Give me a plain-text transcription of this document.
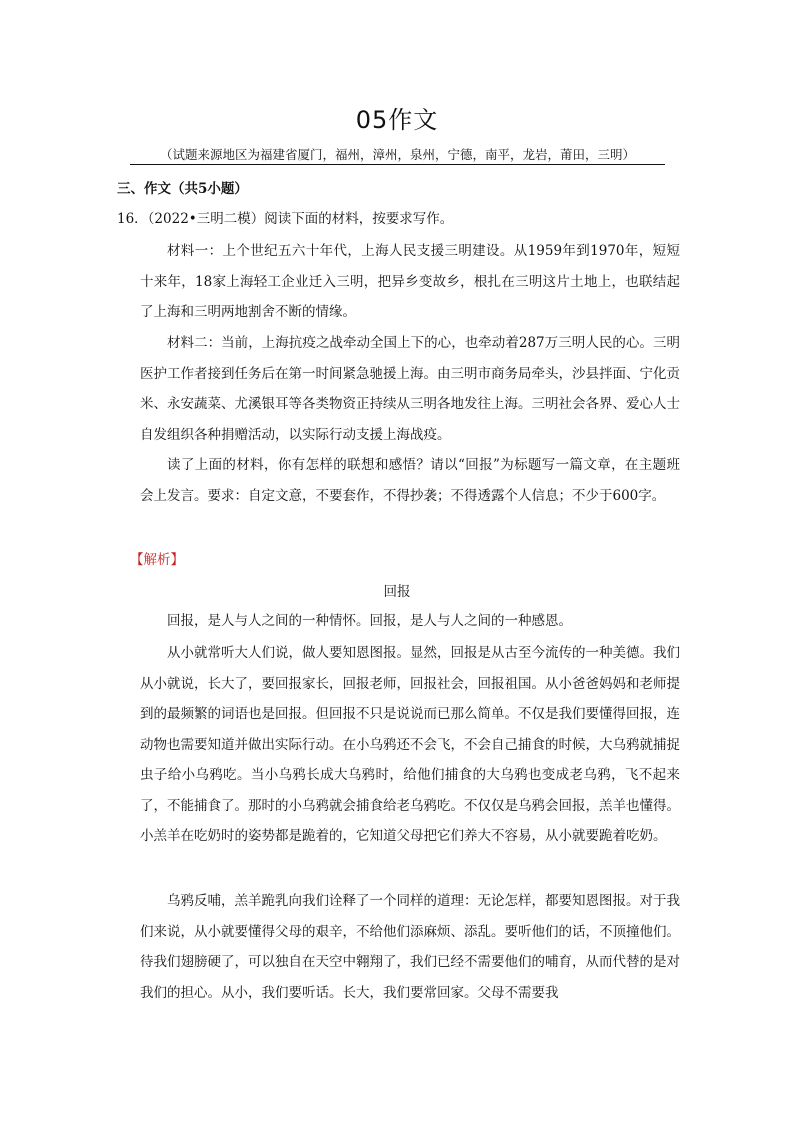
05作文
（试题来源地区为福建省厦门，福州，漳州，泉州，宁德，南平，龙岩，莆田，三明）
三、作文（共5小题）
16．（2022•三明二模）阅读下面的材料，按要求写作。
材料一：上个世纪五六十年代，上海人民支援三明建设。从1959年到1970年，短短十来年，18家上海轻工企业迁入三明，把异乡变故乡，根扎在三明这片土地上，也联结起了上海和三明两地割舍不断的情缘。
材料二：当前，上海抗疫之战牵动全国上下的心，也牵动着287万三明人民的心。三明医护工作者接到任务后在第一时间紧急驰援上海。由三明市商务局牵头，沙县拌面、宁化贡米、永安蔬菜、尤溪银耳等各类物资正持续从三明各地发往上海。三明社会各界、爱心人士自发组织各种捐赠活动，以实际行动支援上海战疫。
读了上面的材料，你有怎样的联想和感悟？请以“回报”为标题写一篇文章，在主题班会上发言。要求：自定文意，不要套作，不得抄袭；不得透露个人信息；不少于600字。
【解析】
回报
回报，是人与人之间的一种情怀。回报，是人与人之间的一种感恩。
从小就常听大人们说，做人要知恩图报。显然，回报是从古至今流传的一种美德。我们从小就说，长大了，要回报家长，回报老师，回报社会，回报祖国。从小爸爸妈妈和老师提到的最频繁的词语也是回报。但回报不只是说说而已那么简单。不仅是我们要懂得回报，连动物也需要知道并做出实际行动。在小乌鸦还不会飞，不会自己捕食的时候，大乌鸦就捕捉虫子给小乌鸦吃。当小乌鸦长成大乌鸦时，给他们捕食的大乌鸦也变成老乌鸦，飞不起来了，不能捕食了。那时的小乌鸦就会捕食给老乌鸦吃。不仅仅是乌鸦会回报，羔羊也懂得。小羔羊在吃奶时的姿势都是跪着的，它知道父母把它们养大不容易，从小就要跪着吃奶。
乌鸦反哺，羔羊跪乳向我们诠释了一个同样的道理：无论怎样，都要知恩图报。对于我们来说，从小就要懂得父母的艰辛，不给他们添麻烦、添乱。要听他们的话，不顶撞他们。待我们翅膀硬了，可以独自在天空中翱翔了，我们已经不需要他们的哺育，从而代替的是对我们的担心。从小，我们要听话。长大，我们要常回家。父母不需要我
